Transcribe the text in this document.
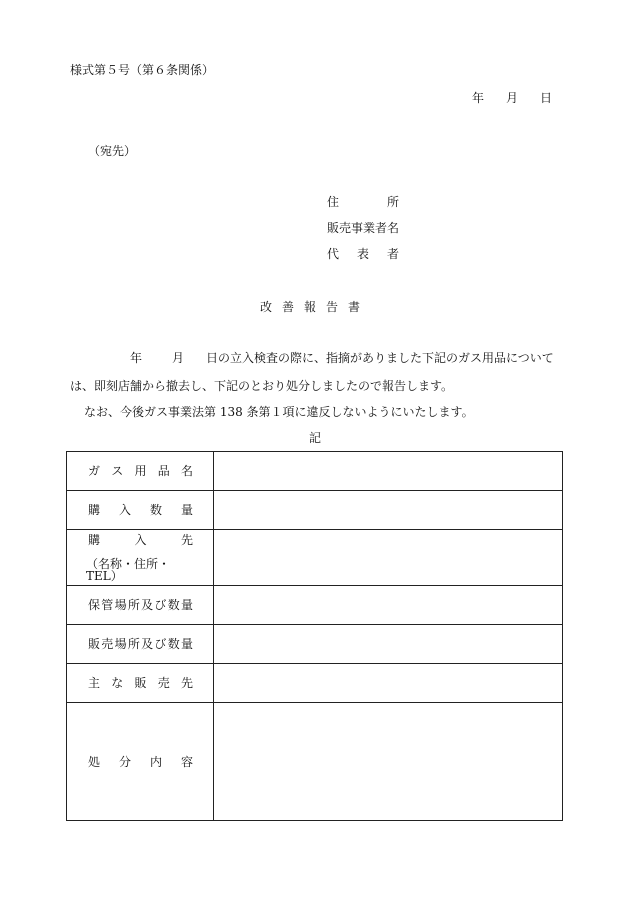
様式第５号（第６条関係）
年 月 日
（宛先）
住所
販売事業者名
代表者
改善報告書
年	月 日の立入検査の際に、指摘がありました下記のガス用品について
は、即刻店舗から撤去し、下記のとおり処分しましたので報告します。
なお、今後ガス事業法第 138 条第１項に違反しないようにいたします。
記
ガス用品名	

購入数量	

購入先
（名称・住所・TEL）	

保管場所及び数量	

販売場所及び数量	

主な販売先	

処分内容	
